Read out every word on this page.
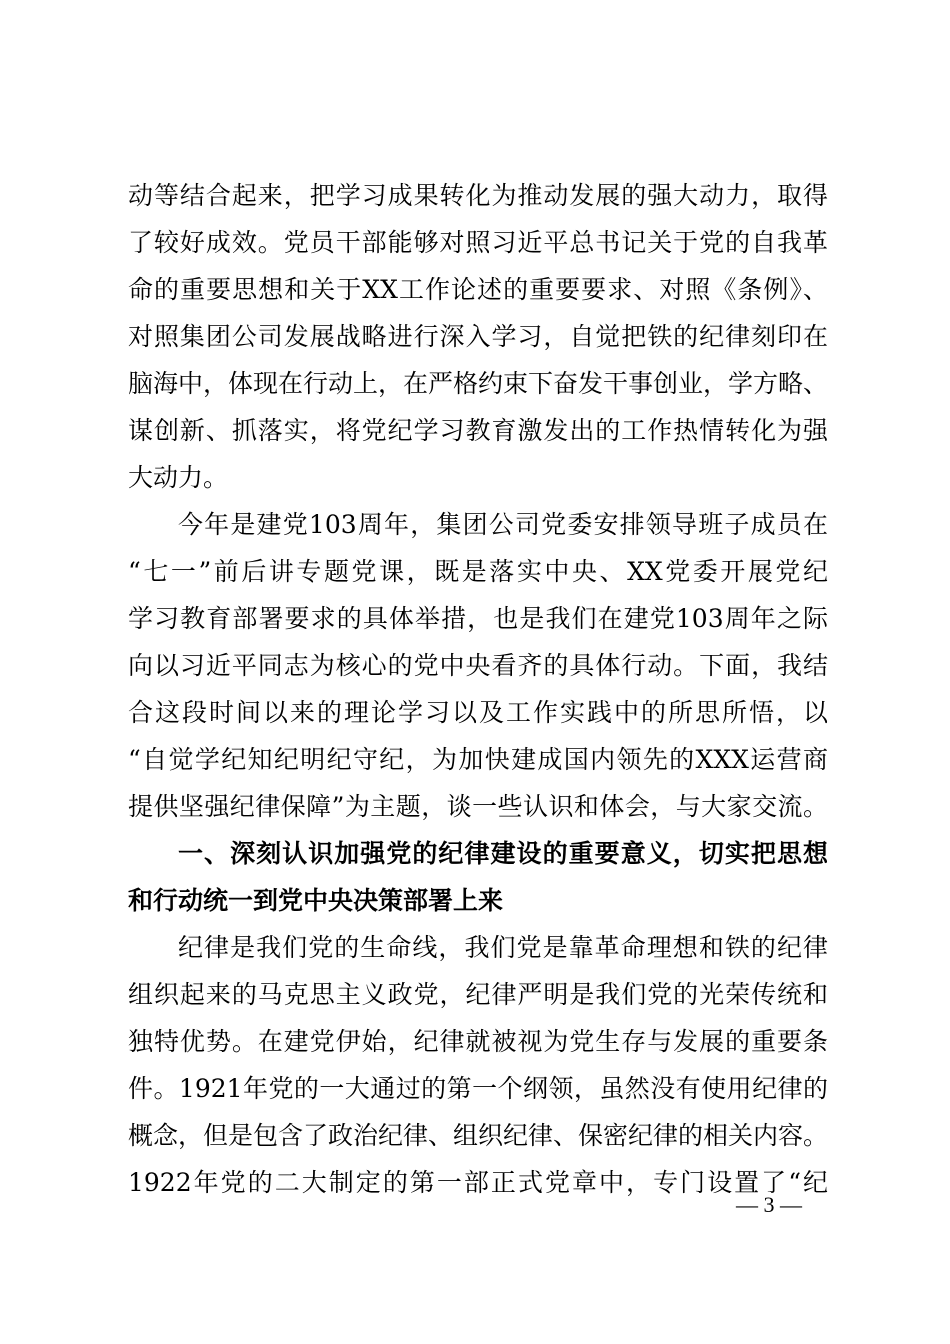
动等结合起来，把学习成果转化为推动发展的强大动力，取得
了较好成效。党员干部能够对照习近平总书记关于党的自我革
命的重要思想和关于XX工作论述的重要要求、对照《条例》、
对照集团公司发展战略进行深入学习，自觉把铁的纪律刻印在
脑海中，体现在行动上，在严格约束下奋发干事创业，学方略、
谋创新、抓落实，将党纪学习教育激发出的工作热情转化为强
大动力。
今年是建党103周年，集团公司党委安排领导班子成员在
“七一”前后讲专题党课，既是落实中央、XX党委开展党纪
学习教育部署要求的具体举措，也是我们在建党103周年之际
向以习近平同志为核心的党中央看齐的具体行动。下面，我结
合这段时间以来的理论学习以及工作实践中的所思所悟，以
“自觉学纪知纪明纪守纪，为加快建成国内领先的XXX运营商
提供坚强纪律保障”为主题，谈一些认识和体会，与大家交流。
一、深刻认识加强党的纪律建设的重要意义，切实把思想
和行动统一到党中央决策部署上来
纪律是我们党的生命线，我们党是靠革命理想和铁的纪律
组织起来的马克思主义政党，纪律严明是我们党的光荣传统和
独特优势。在建党伊始，纪律就被视为党生存与发展的重要条
件。1921年党的一大通过的第一个纲领，虽然没有使用纪律的
概念，但是包含了政治纪律、组织纪律、保密纪律的相关内容。
1922年党的二大制定的第一部正式党章中，专门设置了“纪
— 3 —
